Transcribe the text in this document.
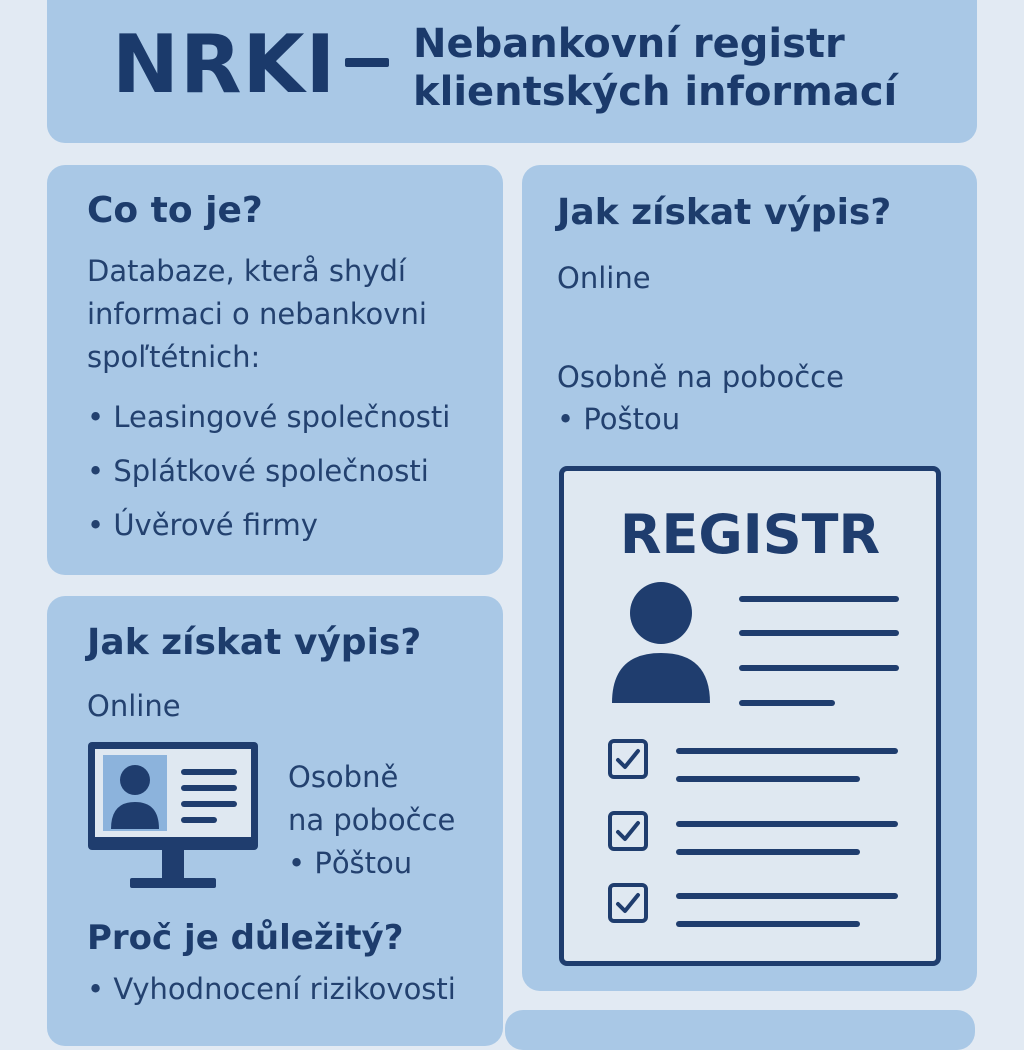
NRKI Nebankovní registr
klientských informací
Co to je?
Databaze, kterå shydí
informaci o nebankovni
spoľtétnich:
• Leasingové společnosti
• Splátkové společnosti
• Úvěrové firmy
Jak získat výpis?
Online
Osobně na pobočce
• Poštou
REGISTR
Jak získat výpis?
Online
Osobně
na pobočce
• Pǒštou
Proč je důležitý?
• Vyhodnocení rizikovosti
